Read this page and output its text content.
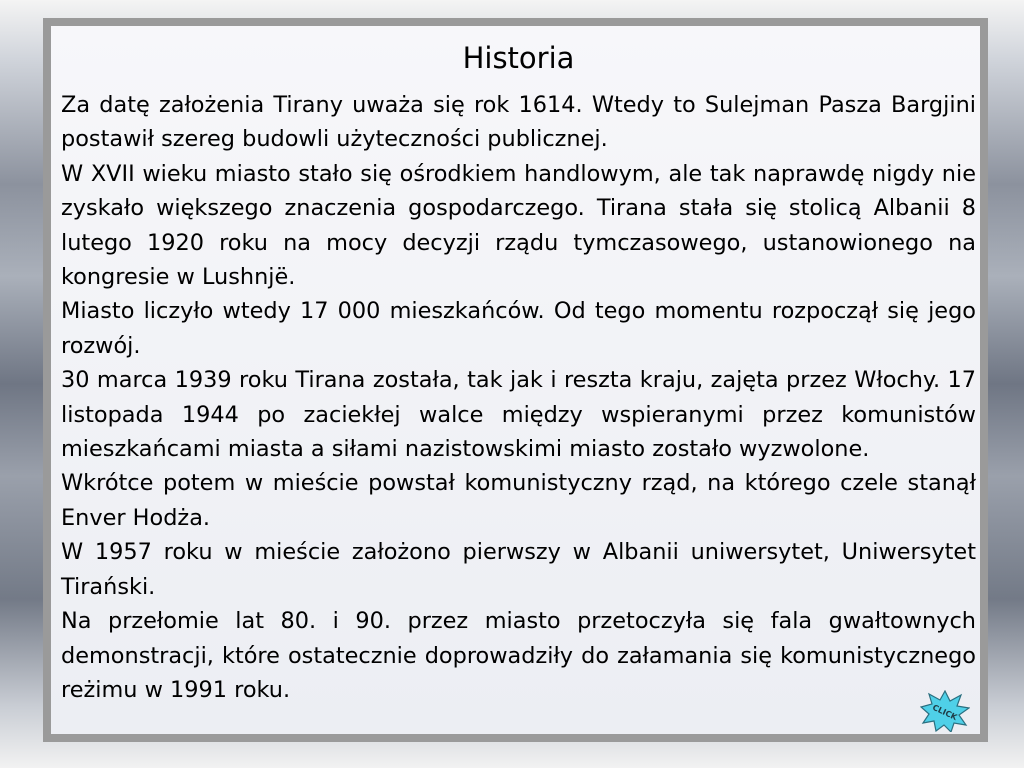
Historia

Za datę założenia Tirany uważa się rok 1614. Wtedy to Sulejman Pasza Bargjini postawił szereg budowli użyteczności publicznej.

W XVII wieku miasto stało się ośrodkiem handlowym, ale tak naprawdę nigdy nie zyskało większego znaczenia gospodarczego. Tirana stała się stolicą Albanii 8 lutego 1920 roku na mocy decyzji rządu tymczasowego, ustanowionego na kongresie w Lushnjë.

Miasto liczyło wtedy 17 000 mieszkańców. Od tego momentu rozpoczął się jego rozwój.

30 marca 1939 roku Tirana została, tak jak i reszta kraju, zajęta przez Włochy. 17 listopada 1944 po zaciekłej walce między wspieranymi przez komunistów mieszkańcami miasta a siłami nazistowskimi miasto zostało wyzwolone.

Wkrótce potem w mieście powstał komunistyczny rząd, na którego czele stanął Enver Hodża.

W 1957 roku w mieście założono pierwszy w Albanii uniwersytet, Uniwersytet Tirański.

Na przełomie lat 80. i 90. przez miasto przetoczyła się fala gwałtownych demonstracji, które ostatecznie doprowadziły do załamania się komunistycznego reżimu w 1991 roku.

CLICK
